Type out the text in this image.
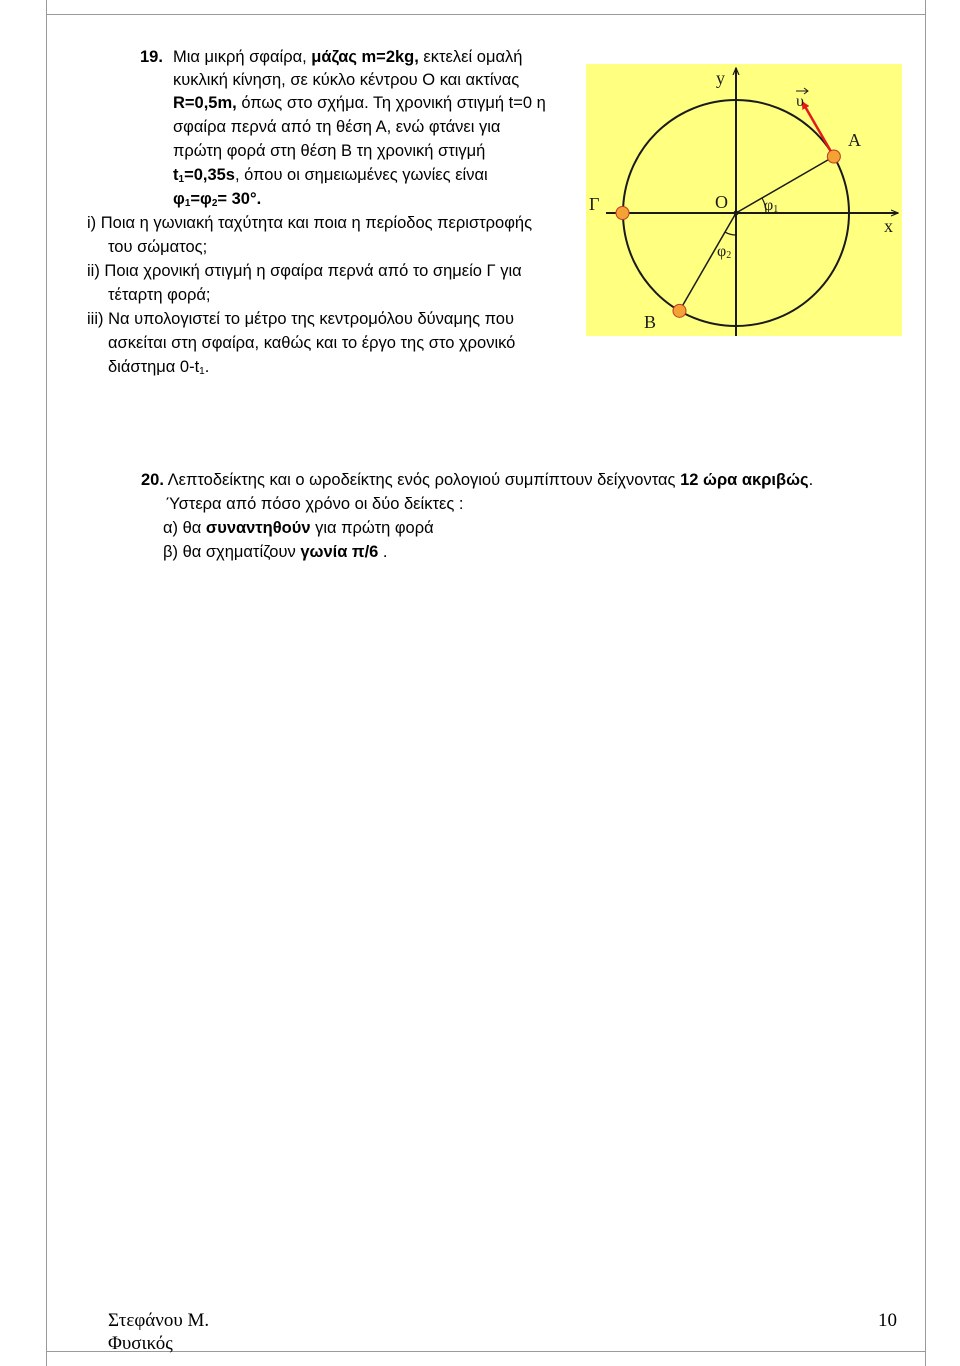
19. Μια μικρή σφαίρα, μάζας m=2kg, εκτελεί ομαλή
κυκλική κίνηση, σε κύκλο κέντρου Ο και ακτίνας
R=0,5m, όπως στο σχήμα. Τη χρονική στιγμή t=0 η
σφαίρα περνά από τη θέση Α, ενώ φτάνει για
πρώτη φορά στη θέση Β τη χρονική στιγμή
$t_1=0,35s$, όπου οι σημειωμένες γωνίες είναι
$\varphi_1=\varphi_2= 30^\circ$.
i) Ποια η γωνιακή ταχύτητα και ποια η περίοδος περιστροφής
του σώματος;
ii) Ποια χρονική στιγμή η σφαίρα περνά από το σημείο Γ για
τέταρτη φορά;
iii) Να υπολογιστεί το μέτρο της κεντρομόλου δύναμης που
ασκείται στη σφαίρα, καθώς και το έργο της στο χρονικό
διάστημα $0-t_1$.
y
x
O
A
B
Γ
υ
φ1
φ2
20. Λεπτοδείκτης και ο ωροδείκτης ενός ρολογιού συμπίπτουν δείχνοντας 12 ώρα ακριβώς.
Ύστερα από πόσο χρόνο οι δύο δείκτες :
α) θα συναντηθούν για πρώτη φορά
β) θα σχηματίζουν γωνία π/6 .
Στεφάνου Μ.
Φυσικός
10
